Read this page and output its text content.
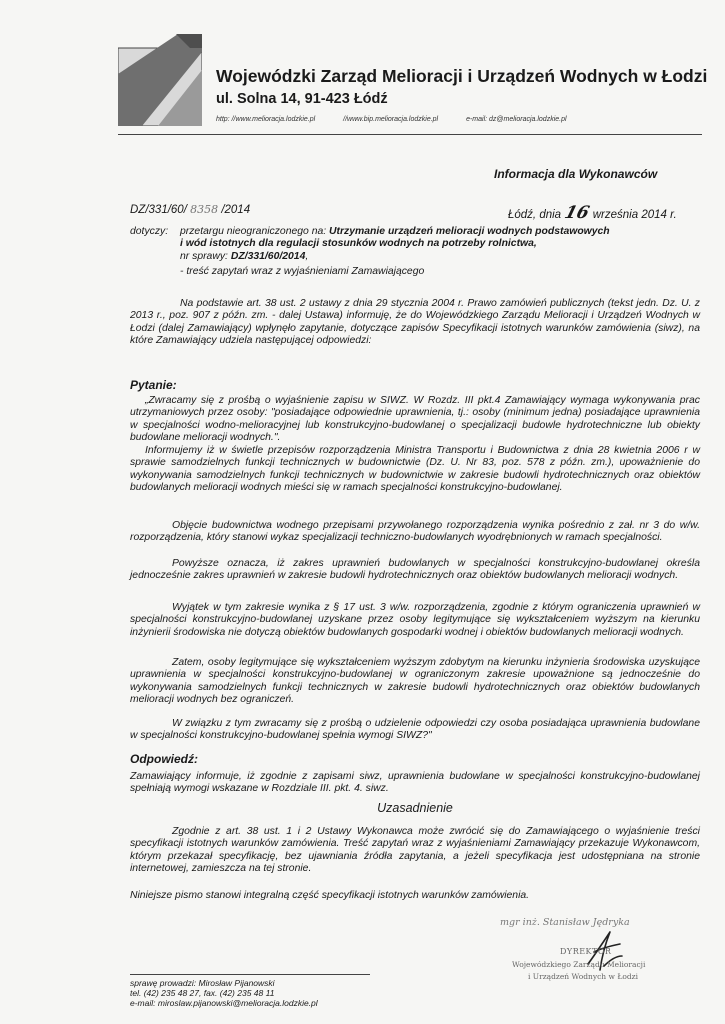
Wojewódzki Zarząd Melioracji i Urządzeń Wodnych w Łodzi
ul. Solna 14, 91-423 Łódź
http: //www.melioracja.lodzkie.pl	//www.bip.melioracja.lodzkie.pl	e-mail: dz@melioracja.lodzkie.pl
Informacja dla Wykonawców
DZ/331/60/ 8358 /2014	Łódź, dnia16września 2014 r.
dotyczy: przetargu nieograniczonego na: Utrzymanie urządzeń melioracji wodnych podstawowych
i wód istotnych dla regulacji stosunków wodnych na potrzeby rolnictwa,
nr sprawy: DZ/331/60/2014,
- treść zapytań wraz z wyjaśnieniami Zamawiającego
Na podstawie art. 38 ust. 2 ustawy z dnia 29 stycznia 2004 r. Prawo zamówień publicznych (tekst jedn. Dz. U. z 2013 r., poz. 907 z późn. zm. - dalej Ustawa) informuję, że do Wojewódzkiego Zarządu Melioracji i Urządzeń Wodnych w Łodzi (dalej Zamawiający) wpłynęło zapytanie, dotyczące zapisów Specyfikacji istotnych warunków zamówienia (siwz), na które Zamawiający udziela następującej odpowiedzi:
Pytanie:
„Zwracamy się z prośbą o wyjaśnienie zapisu w SIWZ. W Rozdz. III pkt.4 Zamawiający wymaga wykonywania prac utrzymaniowych przez osoby: "posiadające odpowiednie uprawnienia, tj.: osoby (minimum jedna) posiadające uprawnienia w specjalności wodno-melioracyjnej lub konstrukcyjno-budowlanej o specjalizacji budowle hydrotechniczne lub obiekty budowlane melioracji wodnych.".
Informujemy iż w świetle przepisów rozporządzenia Ministra Transportu i Budownictwa z dnia 28 kwietnia 2006 r w sprawie samodzielnych funkcji technicznych w budownictwie (Dz. U. Nr 83, poz. 578 z późn. zm.), upoważnienie do wykonywania samodzielnych funkcji technicznych w budownictwie w zakresie budowli hydrotechnicznych oraz obiektów budowlanych melioracji wodnych mieści się w ramach specjalności konstrukcyjno-budowlanej.
Objęcie budownictwa wodnego przepisami przywołanego rozporządzenia wynika pośrednio z zał. nr 3 do w/w. rozporządzenia, który stanowi wykaz specjalizacji techniczno-budowlanych wyodrębnionych w ramach specjalności.
Powyższe oznacza, iż zakres uprawnień budowlanych w specjalności konstrukcyjno-budowlanej określa jednocześnie zakres uprawnień w zakresie budowli hydrotechnicznych oraz obiektów budowlanych melioracji wodnych.
Wyjątek w tym zakresie wynika z § 17 ust. 3 w/w. rozporządzenia, zgodnie z którym ograniczenia uprawnień w specjalności konstrukcyjno-budowlanej uzyskane przez osoby legitymujące się wykształceniem wyższym na kierunku inżynierii środowiska nie dotyczą obiektów budowlanych gospodarki wodnej i obiektów budowlanych melioracji wodnych.
Zatem, osoby legitymujące się wykształceniem wyższym zdobytym na kierunku inżynieria środowiska uzyskujące uprawnienia w specjalności konstrukcyjno-budowlanej w ograniczonym zakresie upoważnione są jednocześnie do wykonywania samodzielnych funkcji technicznych w zakresie budowli hydrotechnicznych oraz obiektów budowlanych melioracji wodnych bez ograniczeń.
W związku z tym zwracamy się z prośbą o udzielenie odpowiedzi czy osoba posiadająca uprawnienia budowlane w specjalności konstrukcyjno-budowlanej spełnia wymogi SIWZ?"
Odpowiedź:
Zamawiający informuje, iż zgodnie z zapisami siwz, uprawnienia budowlane w specjalności konstrukcyjno-budowlanej spełniają wymogi wskazane w Rozdziale III. pkt. 4. siwz.
Uzasadnienie
Zgodnie z art. 38 ust. 1 i 2 Ustawy Wykonawca może zwrócić się do Zamawiającego o wyjaśnienie treści specyfikacji istotnych warunków zamówienia. Treść zapytań wraz z wyjaśnieniami Zamawiający przekazuje Wykonawcom, którym przekazał specyfikację, bez ujawniania źródła zapytania, a jeżeli specyfikacja jest udostępniana na stronie internetowej, zamieszcza na tej stronie.
Niniejsze pismo stanowi integralną część specyfikacji istotnych warunków zamówienia.
mgr inż. Stanisław Jędryka
DYREKTOR
Wojewódzkiego Zarządu Melioracji
i Urządzeń Wodnych w Łodzi
sprawę prowadzi: Mirosław Pijanowski
tel. (42) 235 48 27, fax. (42) 235 48 11
e-mail: miroslaw.pijanowski@melioracja.lodzkie.pl
